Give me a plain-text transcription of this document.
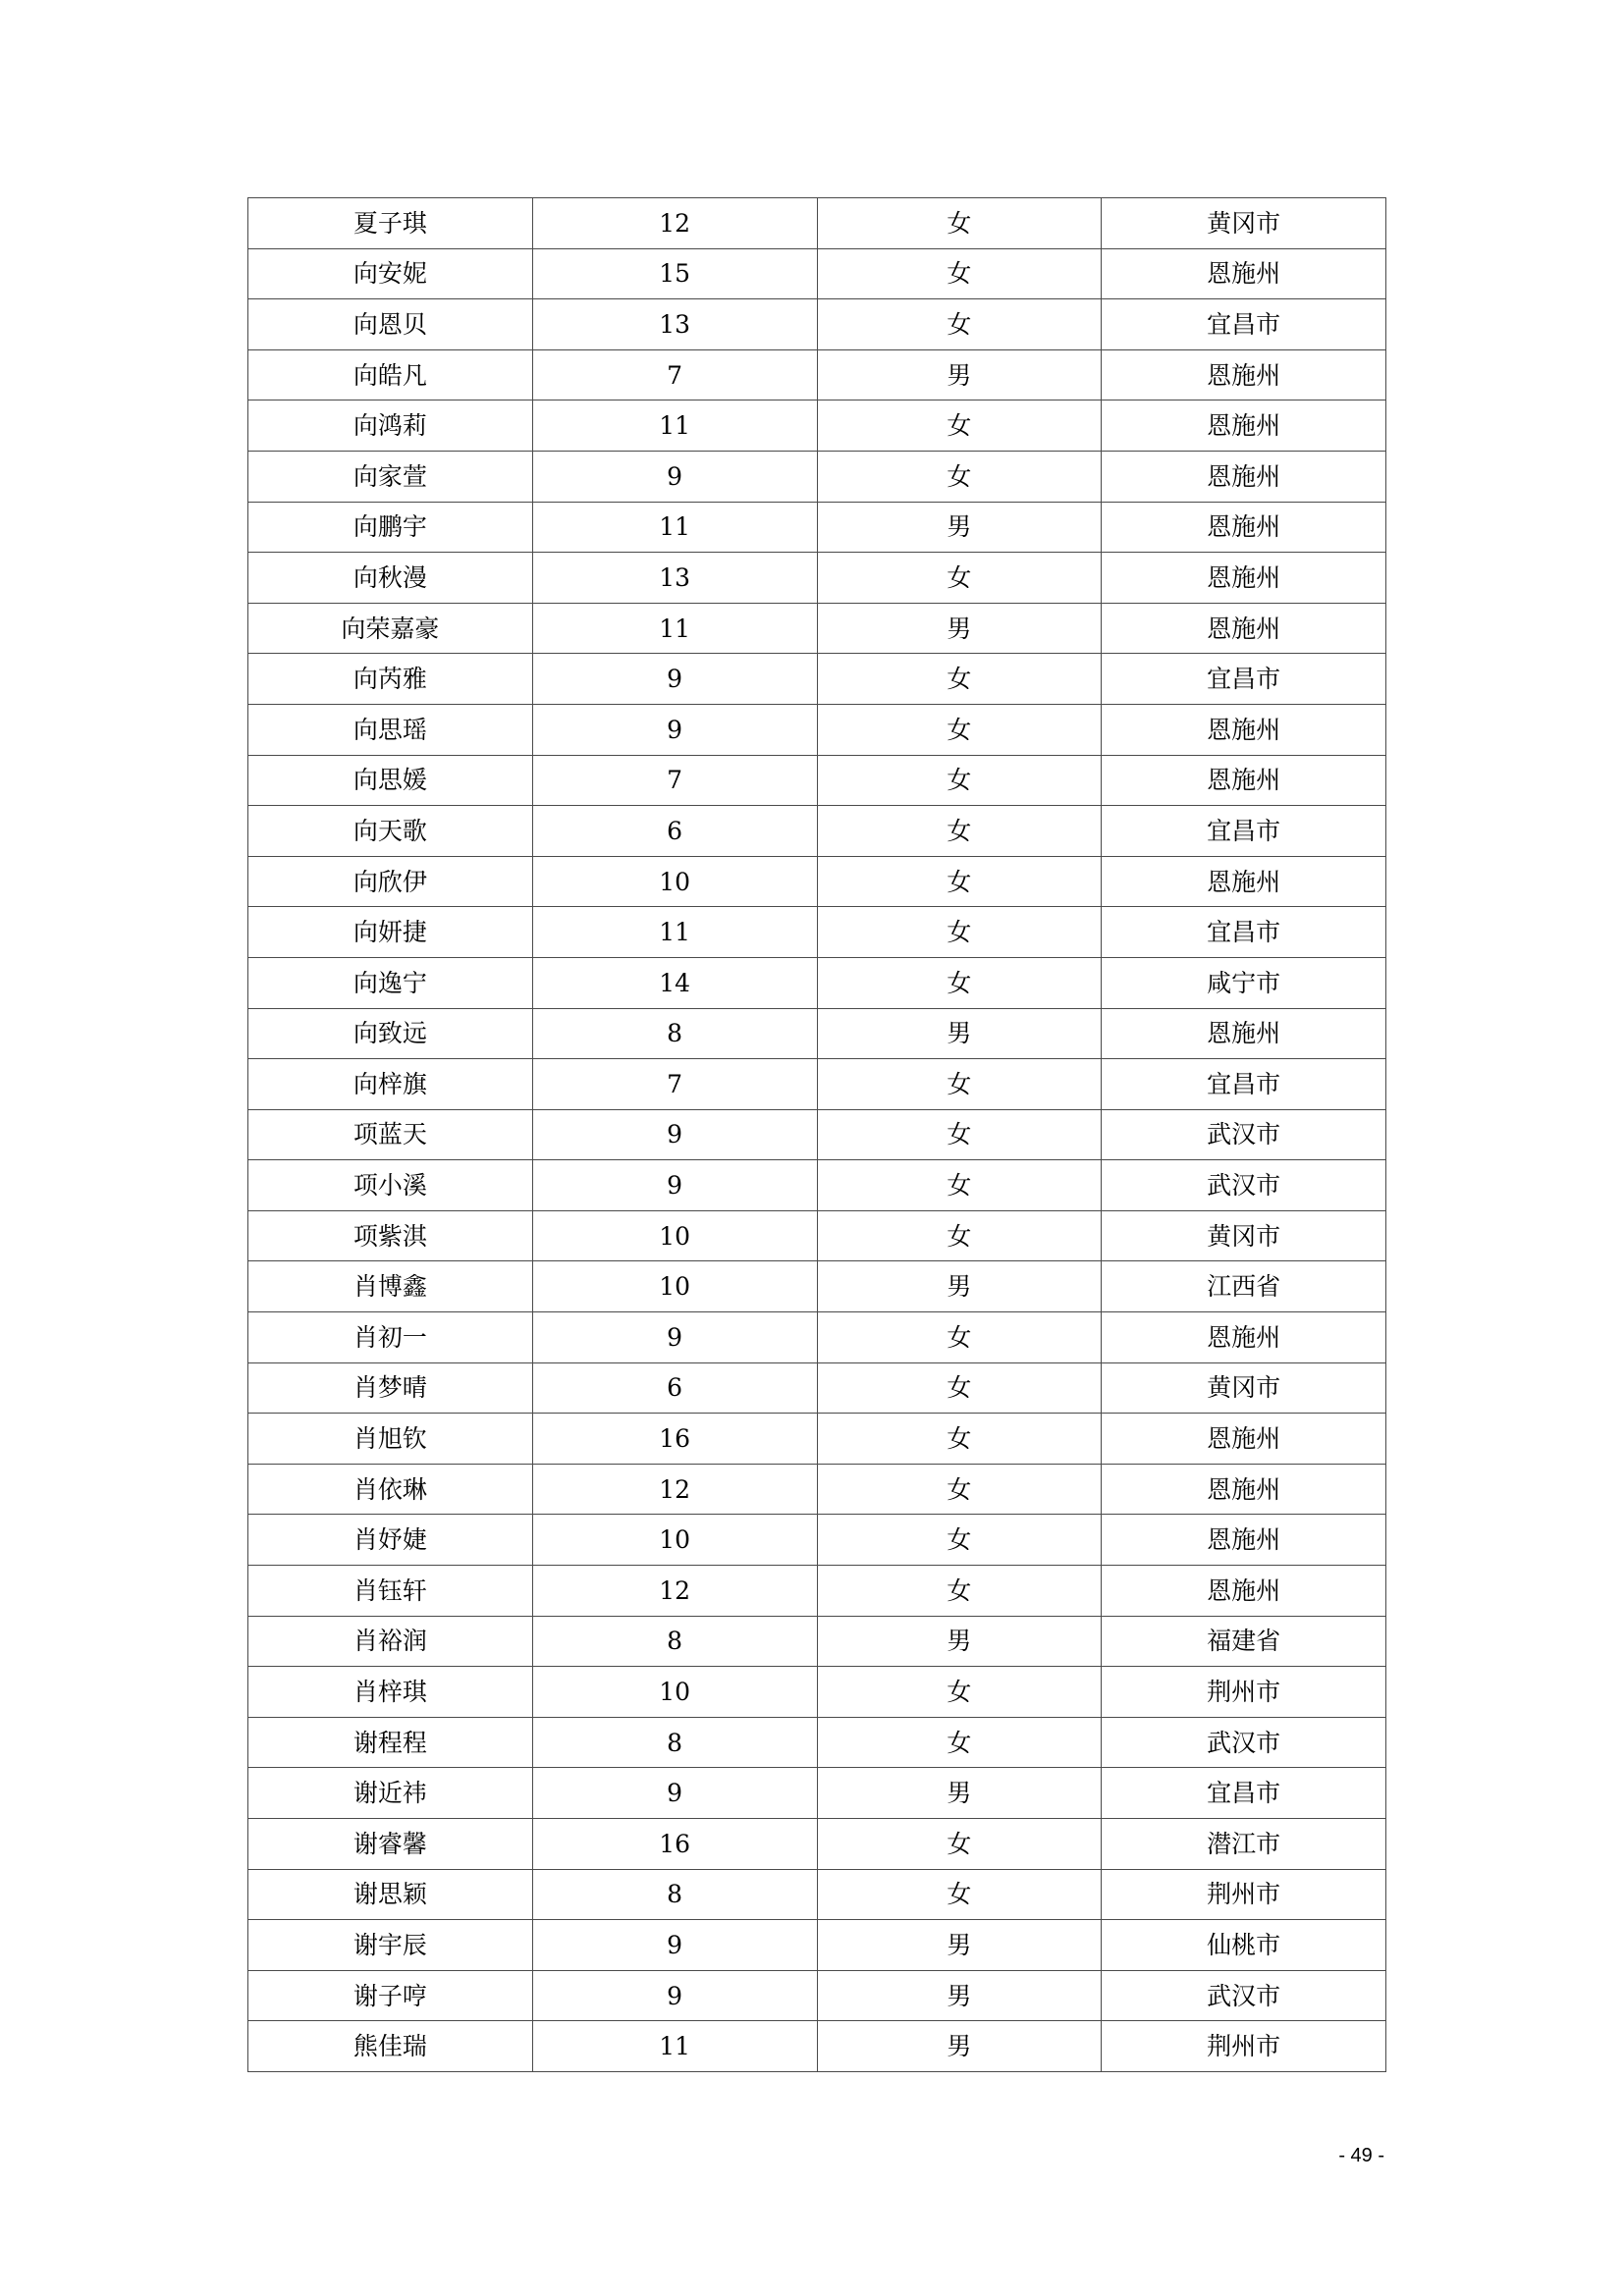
夏子琪	12	女	黄冈市
向安妮	15	女	恩施州
向恩贝	13	女	宜昌市
向皓凡	7	男	恩施州
向鸿莉	11	女	恩施州
向家萱	9	女	恩施州
向鹏宇	11	男	恩施州
向秋漫	13	女	恩施州
向荣嘉豪	11	男	恩施州
向芮雅	9	女	宜昌市
向思瑶	9	女	恩施州
向思媛	7	女	恩施州
向天歌	6	女	宜昌市
向欣伊	10	女	恩施州
向妍捷	11	女	宜昌市
向逸宁	14	女	咸宁市
向致远	8	男	恩施州
向梓旗	7	女	宜昌市
项蓝天	9	女	武汉市
项小溪	9	女	武汉市
项紫淇	10	女	黄冈市
肖博鑫	10	男	江西省
肖初一	9	女	恩施州
肖梦晴	6	女	黄冈市
肖旭钦	16	女	恩施州
肖依琳	12	女	恩施州
肖妤婕	10	女	恩施州
肖钰轩	12	女	恩施州
肖裕润	8	男	福建省
肖梓琪	10	女	荆州市
谢程程	8	女	武汉市
谢近祎	9	男	宜昌市
谢睿馨	16	女	潜江市
谢思颖	8	女	荆州市
谢宇辰	9	男	仙桃市
谢子哼	9	男	武汉市
熊佳瑞	11	男	荆州市
- 49 -
